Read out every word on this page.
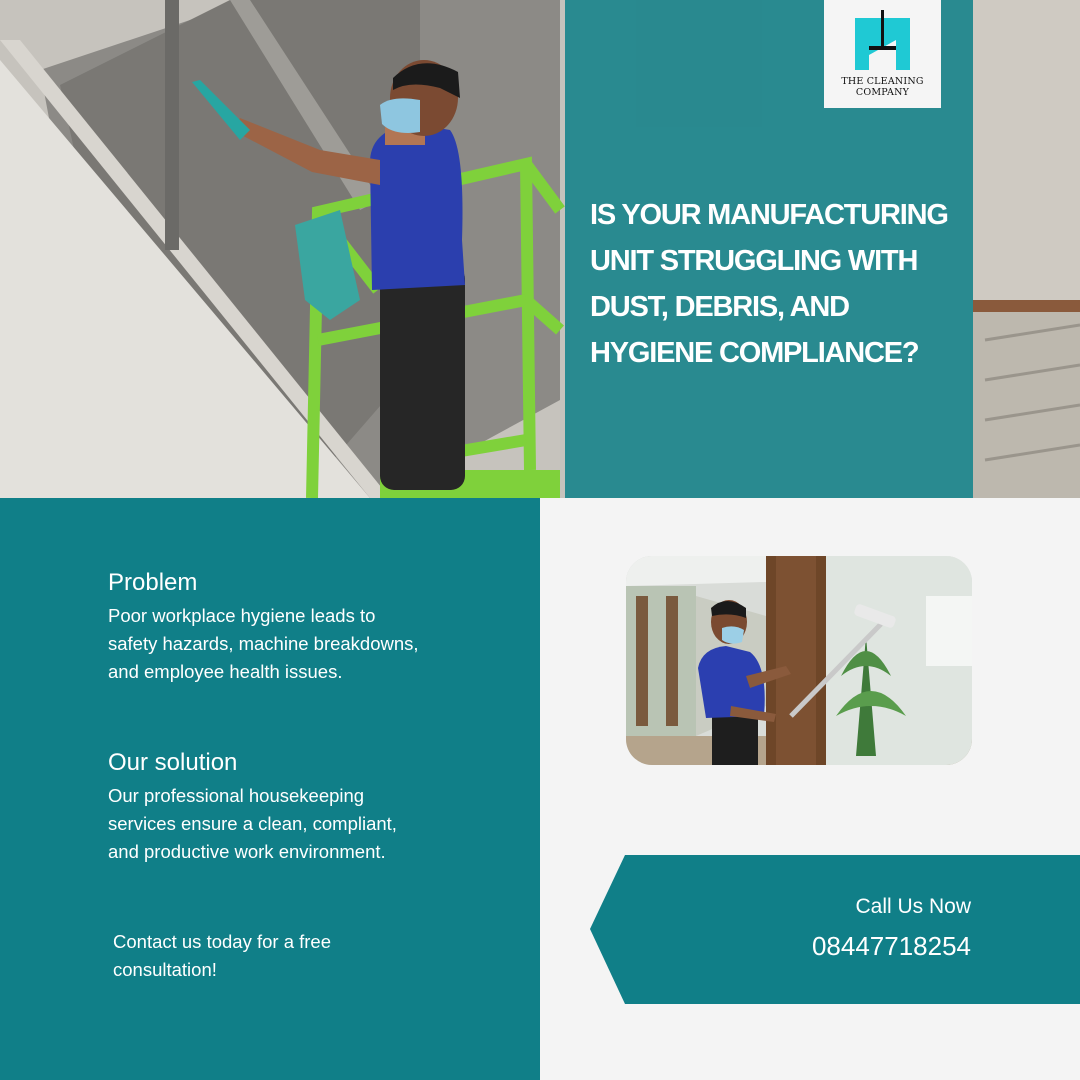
IS YOUR MANUFACTURING UNIT STRUGGLING WITH DUST, DEBRIS, AND HYGIENE COMPLIANCE?
THE CLEANING
COMPANY
Problem

Poor workplace hygiene leads to safety hazards, machine breakdowns, and employee health issues.

Our solution

Our professional housekeeping services ensure a clean, compliant, and productive work environment.

Contact us today for a free consultation!

Call Us Now
08447718254
